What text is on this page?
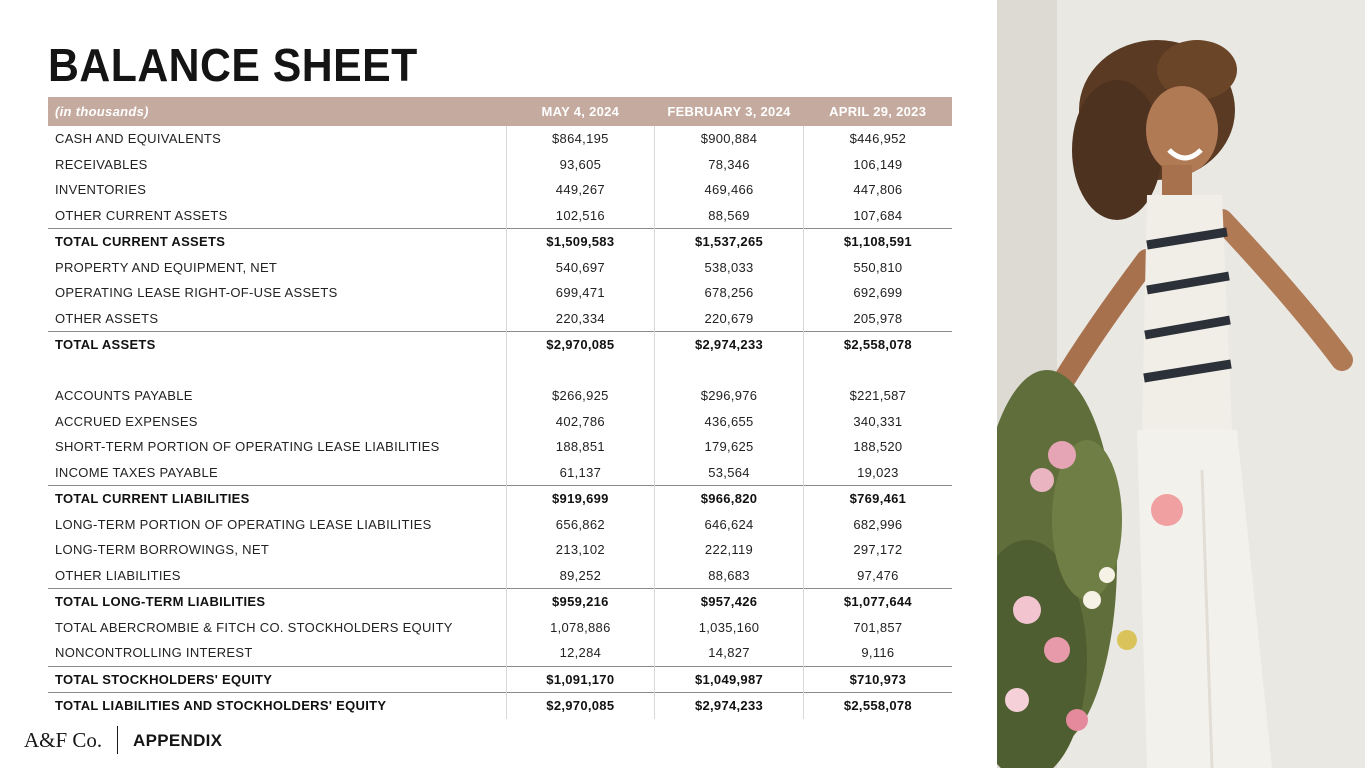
BALANCE SHEET
(in thousands)	MAY 4, 2024	FEBRUARY 3, 2024	APRIL 29, 2023
CASH AND EQUIVALENTS	$864,195	$900,884	$446,952
RECEIVABLES	93,605	78,346	106,149
INVENTORIES	449,267	469,466	447,806
OTHER CURRENT ASSETS	102,516	88,569	107,684
TOTAL CURRENT ASSETS	$1,509,583	$1,537,265	$1,108,591
PROPERTY AND EQUIPMENT, NET	540,697	538,033	550,810
OPERATING LEASE RIGHT-OF-USE ASSETS	699,471	678,256	692,699
OTHER ASSETS	220,334	220,679	205,978
TOTAL ASSETS	$2,970,085	$2,974,233	$2,558,078

ACCOUNTS PAYABLE	$266,925	$296,976	$221,587
ACCRUED EXPENSES	402,786	436,655	340,331
SHORT-TERM PORTION OF OPERATING LEASE LIABILITIES	188,851	179,625	188,520
INCOME TAXES PAYABLE	61,137	53,564	19,023
TOTAL CURRENT LIABILITIES	$919,699	$966,820	$769,461
LONG-TERM PORTION OF OPERATING LEASE LIABILITIES	656,862	646,624	682,996
LONG-TERM BORROWINGS, NET	213,102	222,119	297,172
OTHER LIABILITIES	89,252	88,683	97,476
TOTAL LONG-TERM LIABILITIES	$959,216	$957,426	$1,077,644
TOTAL ABERCROMBIE & FITCH CO. STOCKHOLDERS EQUITY	1,078,886	1,035,160	701,857
NONCONTROLLING INTEREST	12,284	14,827	9,116
TOTAL STOCKHOLDERS' EQUITY	$1,091,170	$1,049,987	$710,973
TOTAL LIABILITIES AND STOCKHOLDERS' EQUITY	$2,970,085	$2,974,233	$2,558,078
A&F Co. APPENDIX
